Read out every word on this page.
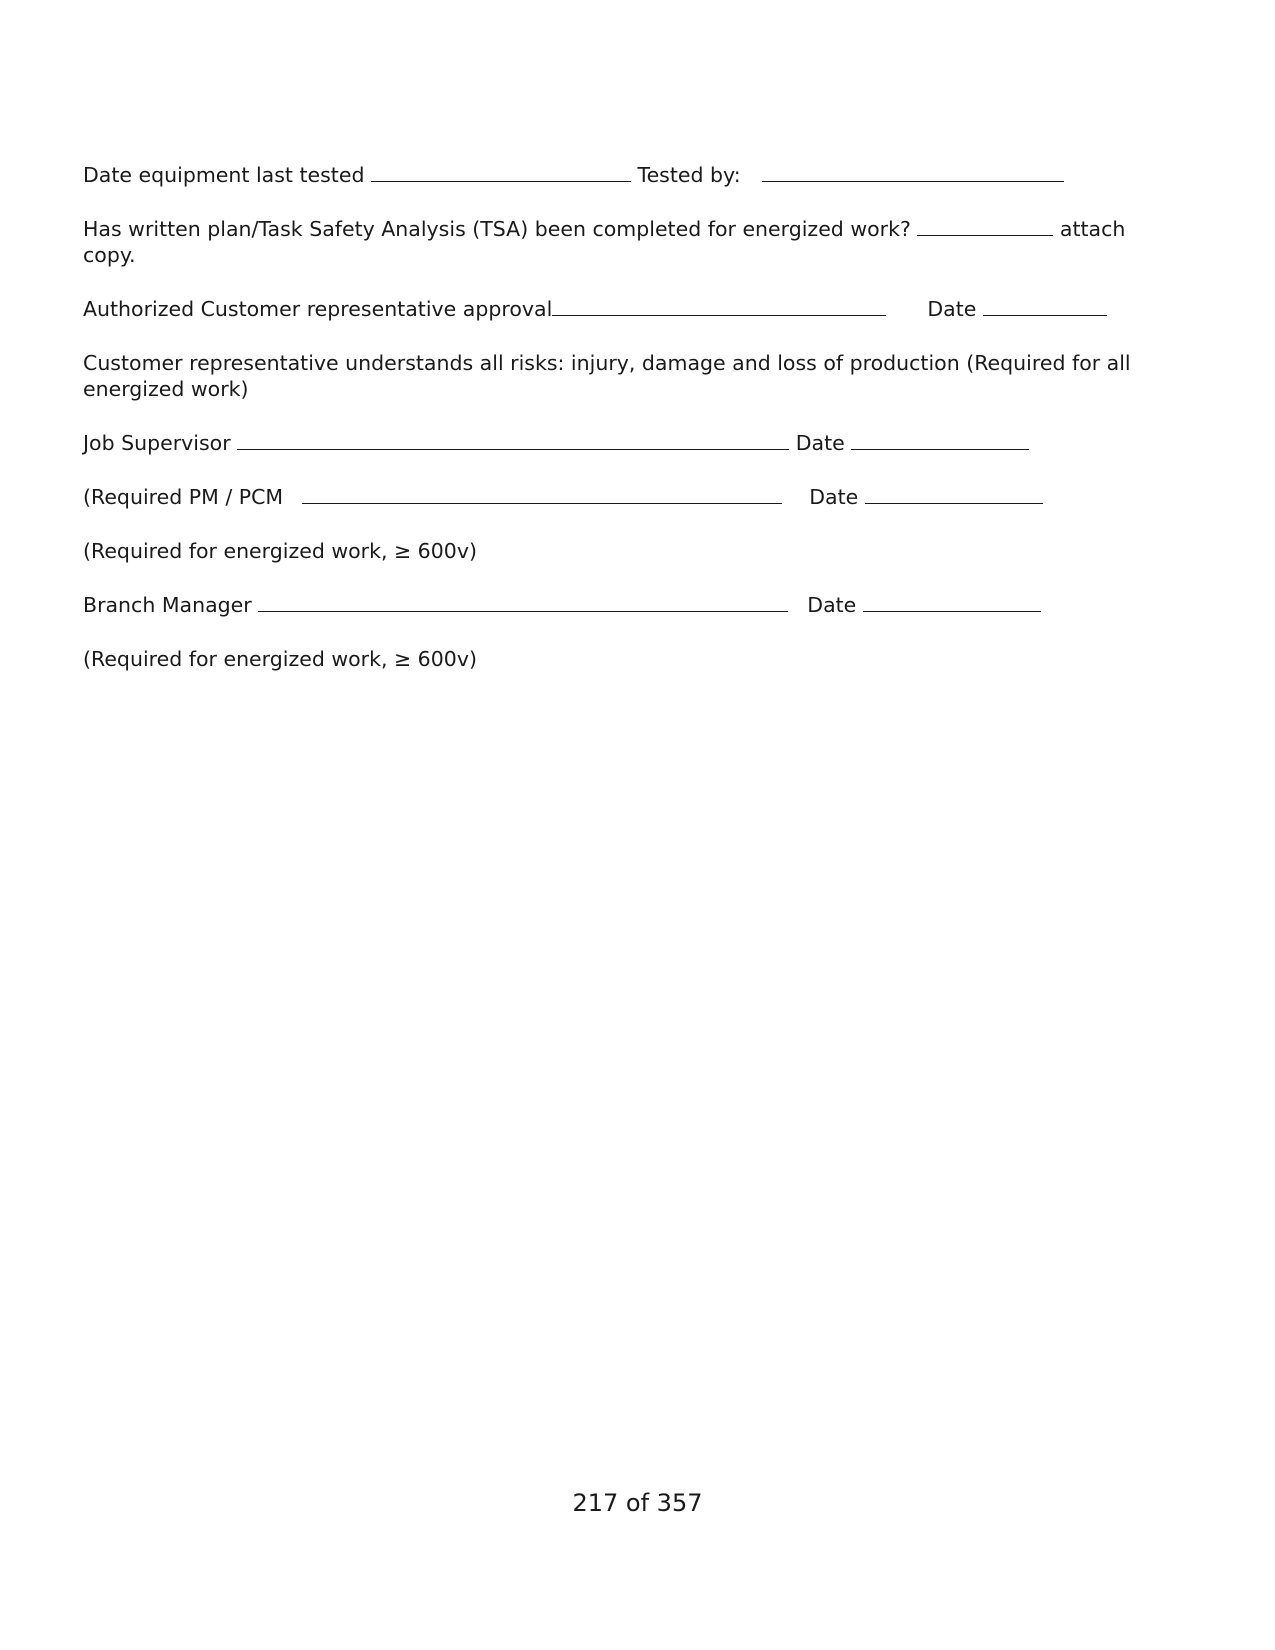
Date equipment last tested	Tested by:
Has written plan/Task Safety Analysis (TSA) been completed for energized work?	attach copy.
Authorized Customer representative approval	Date
Customer representative understands all risks: injury, damage and loss of production (Required for all energized work)
Job Supervisor	Date
(Required PM / PCM	Date
(Required for energized work, ≥ 600v)
Branch Manager	Date
(Required for energized work, ≥ 600v)
217 of 357
